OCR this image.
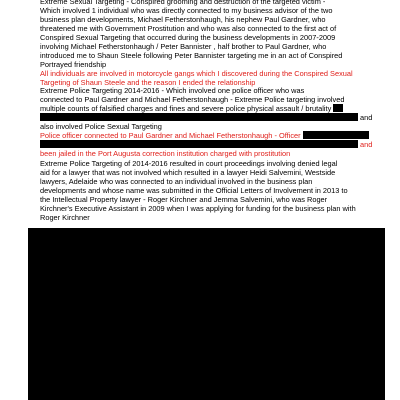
Extreme Sexual Targeting - Conspired grooming and destruction of the targeted victim -
Which involved 1 individual who was directly connected to my business advisor of the two
business plan developments, Michael Fetherstonhaugh, his nephew Paul Gardner, who
threatened me with Government Prostitution and who was also connected to the first act of
Conspired Sexual Targeting that occurred during the business developments in 2007-2009
involving Michael Fetherstonhaugh / Peter Bannister , half brother to Paul Gardner, who
introduced me to Shaun Steele following Peter Bannister targeting me in an act of Conspired
Portrayed friendship
All individuals are involved in motorcycle gangs which I discovered during the Conspired Sexual
Targeting of Shaun Steele and the reason I ended the relationship
Extreme Police Targeting 2014-2016 - Which involved one police officer who was
connected to Paul Gardner and Michael Fetherstonhaugh - Extreme Police targeting involved
multiple counts of falsified charges and fines and severe police physical assault / brutality
and
also involved Police Sexual Targeting
Police officer connected to Paul Gardner and Michael Fetherstonhaugh - Officer
and
been jailed in the Port Augusta correction institution charged with prostitution
Extreme Police Targeting of 2014-2016 resulted in court proceedings involving denied legal
aid for a lawyer that was not involved which resulted in a lawyer Heidi Salvemini, Westside
lawyers, Adelaide who was connected to an individual involved in the business plan
developments and whose name was submitted in the Official Letters of Involvement in 2013 to
the Intellectual Property lawyer - Roger Kirchner and Jemma Salvemini, who was Roger
Kirchner's Executive Assistant in 2009 when I was applying for funding for the business plan with
Roger Kirchner
